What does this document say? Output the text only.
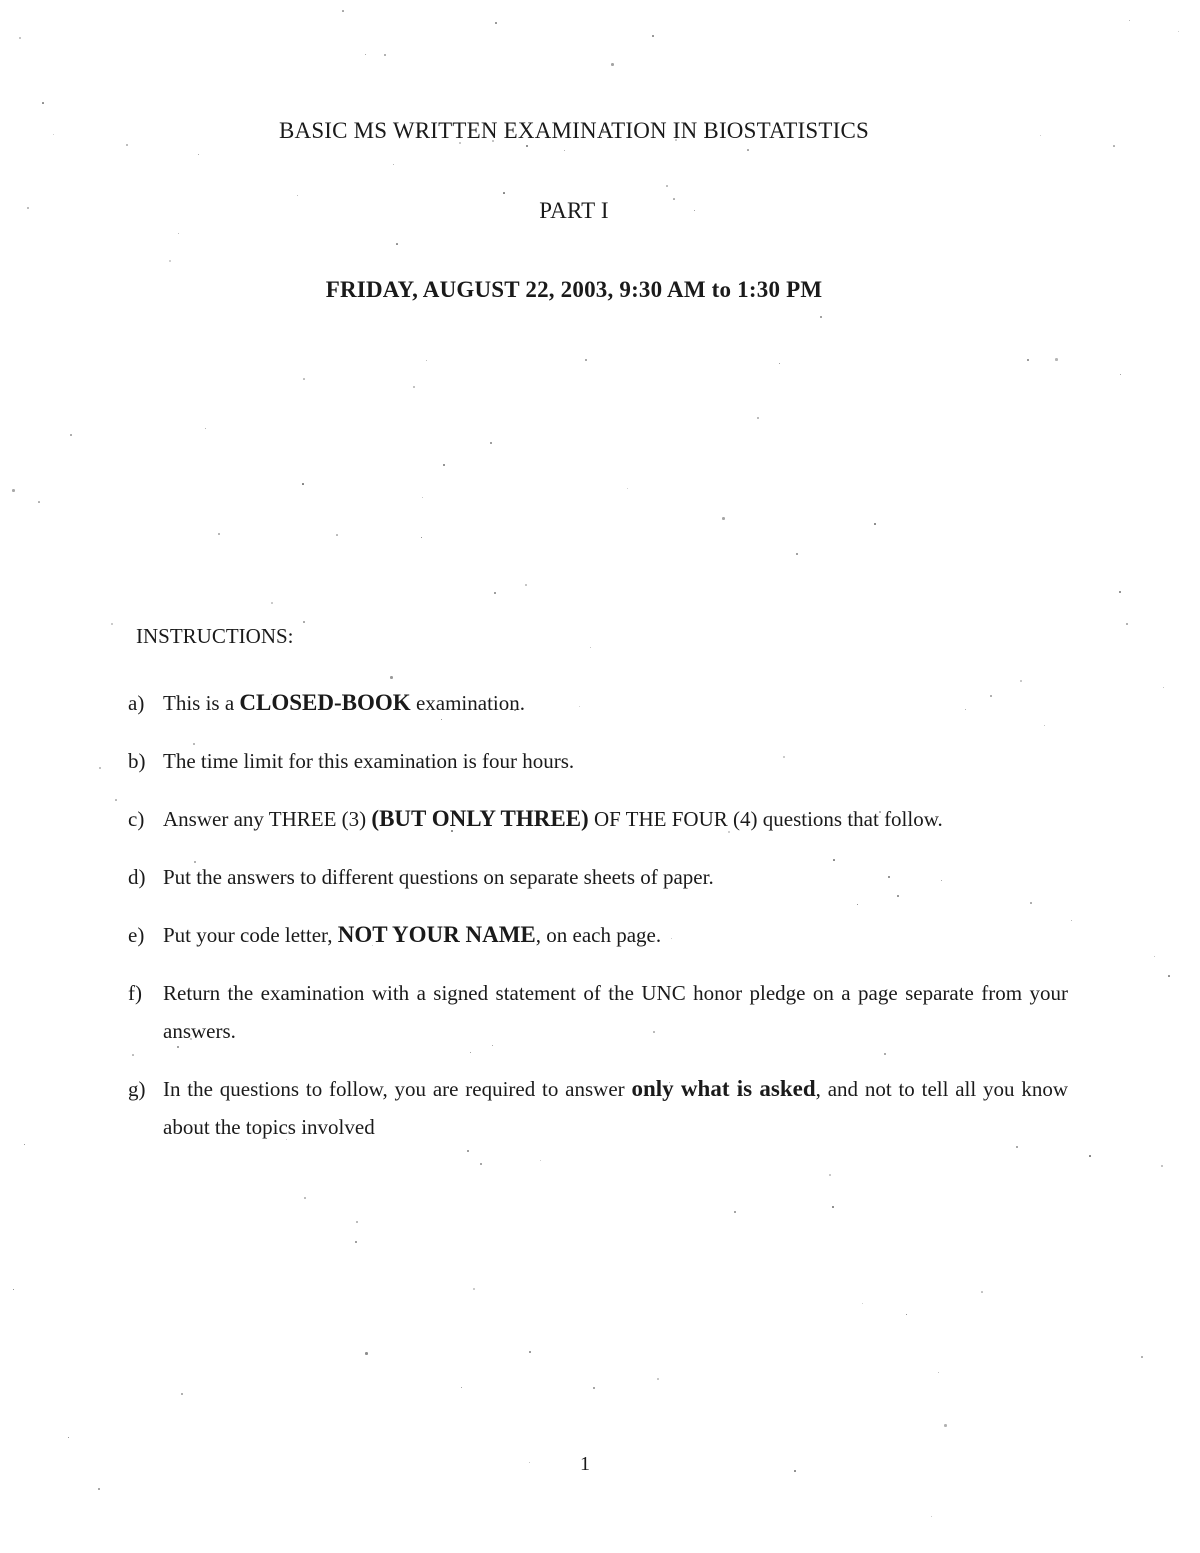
BASIC MS WRITTEN EXAMINATION IN BIOSTATISTICS
PART I
FRIDAY, AUGUST 22, 2003, 9:30 AM to 1:30 PM
INSTRUCTIONS:
a) This is a CLOSED-BOOK examination.
b) The time limit for this examination is four hours.
c) Answer any THREE (3) (BUT ONLY THREE) OF THE FOUR (4) questions that follow.
d) Put the answers to different questions on separate sheets of paper.
e) Put your code letter, NOT YOUR NAME, on each page.
f)	Return the examination with a signed statement of the UNC honor pledge on a page separate from your answers.
g) In the questions to follow, you are required to answer only what is asked, and not to tell all you know about the topics involved
1
